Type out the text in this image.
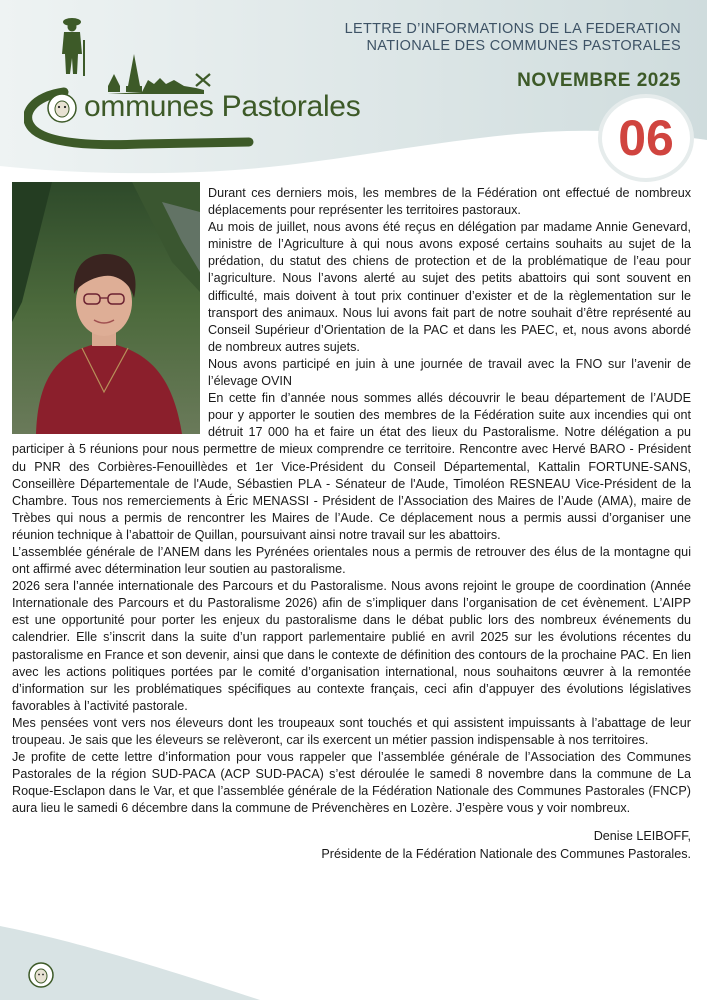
ommunes Pastorales
LETTRE D’INFORMATIONS DE LA FEDERATION
NATIONALE DES COMMUNES PASTORALES
NOVEMBRE 2025
06

Durant ces derniers mois, les membres de la Fédération ont effectué de nombreux déplacements pour représenter les territoires pastoraux.

Au mois de juillet, nous avons été reçus en délégation par madame Annie Genevard, ministre de l’Agriculture à qui nous avons exposé certains souhaits au sujet de la prédation, du statut des chiens de protection et de la problématique de l’eau pour l’agriculture. Nous l’avons alerté au sujet des petits abattoirs qui sont souvent en difficulté, mais doivent à tout prix continuer d’exister et de la règlementation sur le transport des animaux. Nous lui avons fait part de notre souhait d’être représenté au Conseil Supérieur d’Orientation de la PAC et dans les PAEC, et, nous avons abordé de nombreux autres sujets.

Nous avons participé en juin à une journée de travail avec la FNO sur l’avenir de l’élevage OVIN

En cette fin d’année nous sommes allés découvrir le beau département de l’AUDE pour y apporter le soutien des membres de la Fédération suite aux incendies qui ont détruit 17 000 ha et faire un état des lieux du Pastoralisme. Notre délégation a pu participer à 5 réunions pour nous permettre de mieux comprendre ce territoire. Rencontre avec Hervé BARO - Président du PNR des Corbières-Fenouillèdes et 1er Vice-Président du Conseil Départemental, Kattalin FORTUNE-SANS, Conseillère Départementale de l'Aude, Sébastien PLA - Sénateur de l'Aude, Timoléon RESNEAU Vice-Président de la Chambre. Tous nos remerciements à Éric MENASSI - Président de l’Association des Maires de l’Aude (AMA), maire de Trèbes qui nous a permis de rencontrer les Maires de l’Aude. Ce déplacement nous a permis aussi d’organiser une réunion technique à l’abattoir de Quillan, poursuivant ainsi notre travail sur les abattoirs.

L’assemblée générale de l’ANEM dans les Pyrénées orientales nous a permis de retrouver des élus de la montagne qui ont affirmé avec détermination leur soutien au pastoralisme.

2026 sera l’année internationale des Parcours et du Pastoralisme. Nous avons rejoint le groupe de coordination (Année Internationale des Parcours et du Pastoralisme 2026) afin de s’impliquer dans l’organisation de cet évènement. L’AIPP est une opportunité pour porter les enjeux du pastoralisme dans le débat public lors des nombreux événements du calendrier. Elle s’inscrit dans la suite d’un rapport parlementaire publié en avril 2025 sur les évolutions récentes du pastoralisme en France et son devenir, ainsi que dans le contexte de définition des contours de la prochaine PAC. En lien avec les actions politiques portées par le comité d’organisation international, nous souhaitons œuvrer à la remontée d’information sur les problématiques spécifiques au contexte français, ceci afin d’appuyer des évolutions législatives favorables à l’activité pastorale.

Mes pensées vont vers nos éleveurs dont les troupeaux sont touchés et qui assistent impuissants à l’abattage de leur troupeau. Je sais que les éleveurs se relèveront, car ils exercent un métier passion indispensable à nos territoires.

Je profite de cette lettre d’information pour vous rappeler que l’assemblée générale de l’Association des Communes Pastorales de la région SUD-PACA (ACP SUD-PACA) s’est déroulée le samedi 8 novembre dans la commune de La Roque-Esclapon dans le Var, et que l’assemblée générale de la Fédération Nationale des Communes Pastorales (FNCP) aura lieu le samedi 6 décembre dans la commune de Prévenchères en Lozère. J’espère vous y voir nombreux.

Denise LEIBOFF,
Présidente de la Fédération Nationale des Communes Pastorales.
